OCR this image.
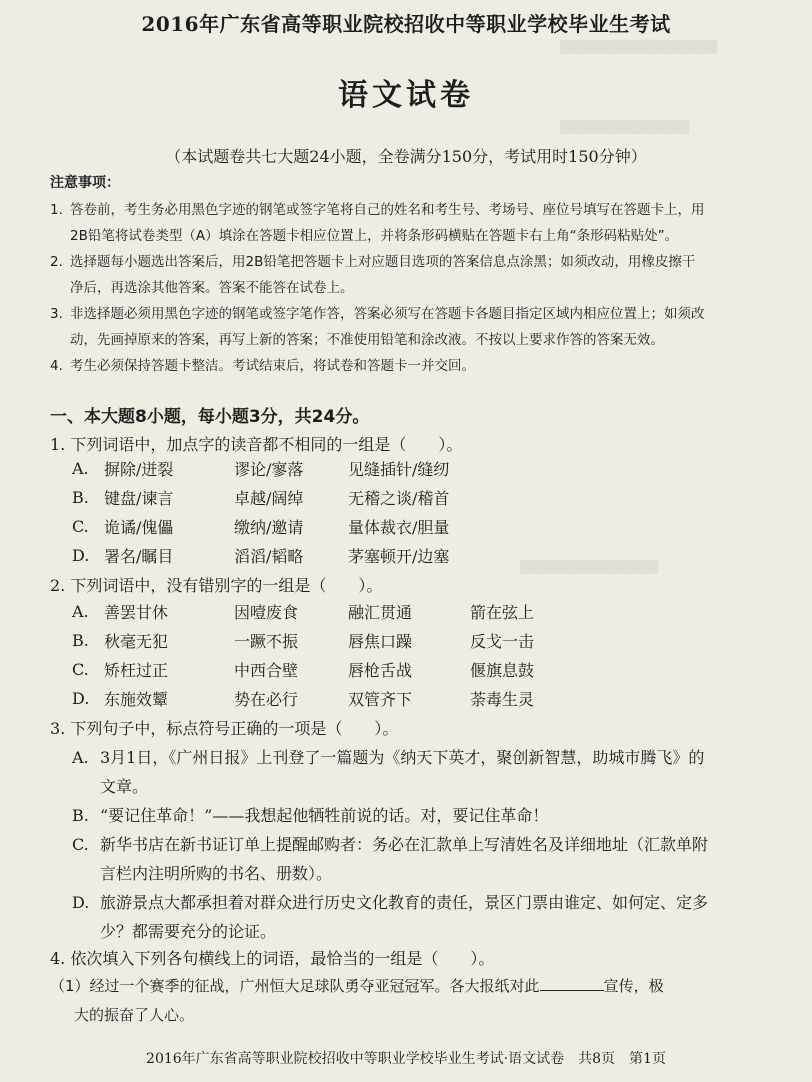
▒▒▒▒▒▒▒▒▒▒▒▒▒▒▒▒▒
▒▒▒▒▒▒▒▒▒▒▒▒▒▒
▒▒▒▒▒▒▒▒▒▒▒▒▒▒▒
2016年广东省高等职业院校招收中等职业学校毕业生考试
语文试卷
（本试题卷共七大题24小题，全卷满分150分，考试用时150分钟）
注意事项：
1. 答卷前，考生务必用黑色字迹的钢笔或签字笔将自己的姓名和考生号、考场号、座位号填写在答题卡上，用
2B铅笔将试卷类型（A）填涂在答题卡相应位置上，并将条形码横贴在答题卡右上角“条形码粘贴处”。
2. 选择题每小题选出答案后，用2B铅笔把答题卡上对应题目选项的答案信息点涂黑；如须改动，用橡皮擦干
净后，再选涂其他答案。答案不能答在试卷上。
3. 非选择题必须用黑色字迹的钢笔或签字笔作答，答案必须写在答题卡各题目指定区域内相应位置上；如须改
动，先画掉原来的答案，再写上新的答案；不准使用铅笔和涂改液。不按以上要求作答的答案无效。
4. 考生必须保持答题卡整洁。考试结束后，将试卷和答题卡一并交回。
一、本大题8小题，每小题3分，共24分。
1. 下列词语中，加点字的读音都不相同的一组是（　　）。
A. 摒除/迸裂	谬论/寥落	见缝插针/缝纫
B. 键盘/谏言	卓越/阔绰	无稽之谈/稽首
C. 诡谲/傀儡	缴纳/邀请	量体裁衣/胆量
D. 署名/瞩目	滔滔/韬略	茅塞顿开/边塞
2. 下列词语中，没有错别字的一组是（　　）。
A. 善罢甘休	因噎废食	融汇贯通	箭在弦上
B. 秋毫无犯	一蹶不振	唇焦口躁	反戈一击
C. 矫枉过正	中西合壁	唇枪舌战	偃旗息鼓
D. 东施效颦	势在必行	双管齐下	荼毒生灵
3. 下列句子中，标点符号正确的一项是（　　）。
A. 3月1日，《广州日报》上刊登了一篇题为《纳天下英才，聚创新智慧，助城市腾飞》的
文章。
B. “要记住革命！”——我想起他牺牲前说的话。对，要记住革命！
C. 新华书店在新书证订单上提醒邮购者：务必在汇款单上写清姓名及详细地址（汇款单附
言栏内注明所购的书名、册数）。
D. 旅游景点大都承担着对群众进行历史文化教育的责任，景区门票由谁定、如何定、定多
少？都需要充分的论证。
4. 依次填入下列各句横线上的词语，最恰当的一组是（　　）。
（1）经过一个赛季的征战，广州恒大足球队勇夺亚冠冠军。各大报纸对此	宣传，极
大的振奋了人心。
2016年广东省高等职业院校招收中等职业学校毕业生考试·语文试卷　共8页　第1页
